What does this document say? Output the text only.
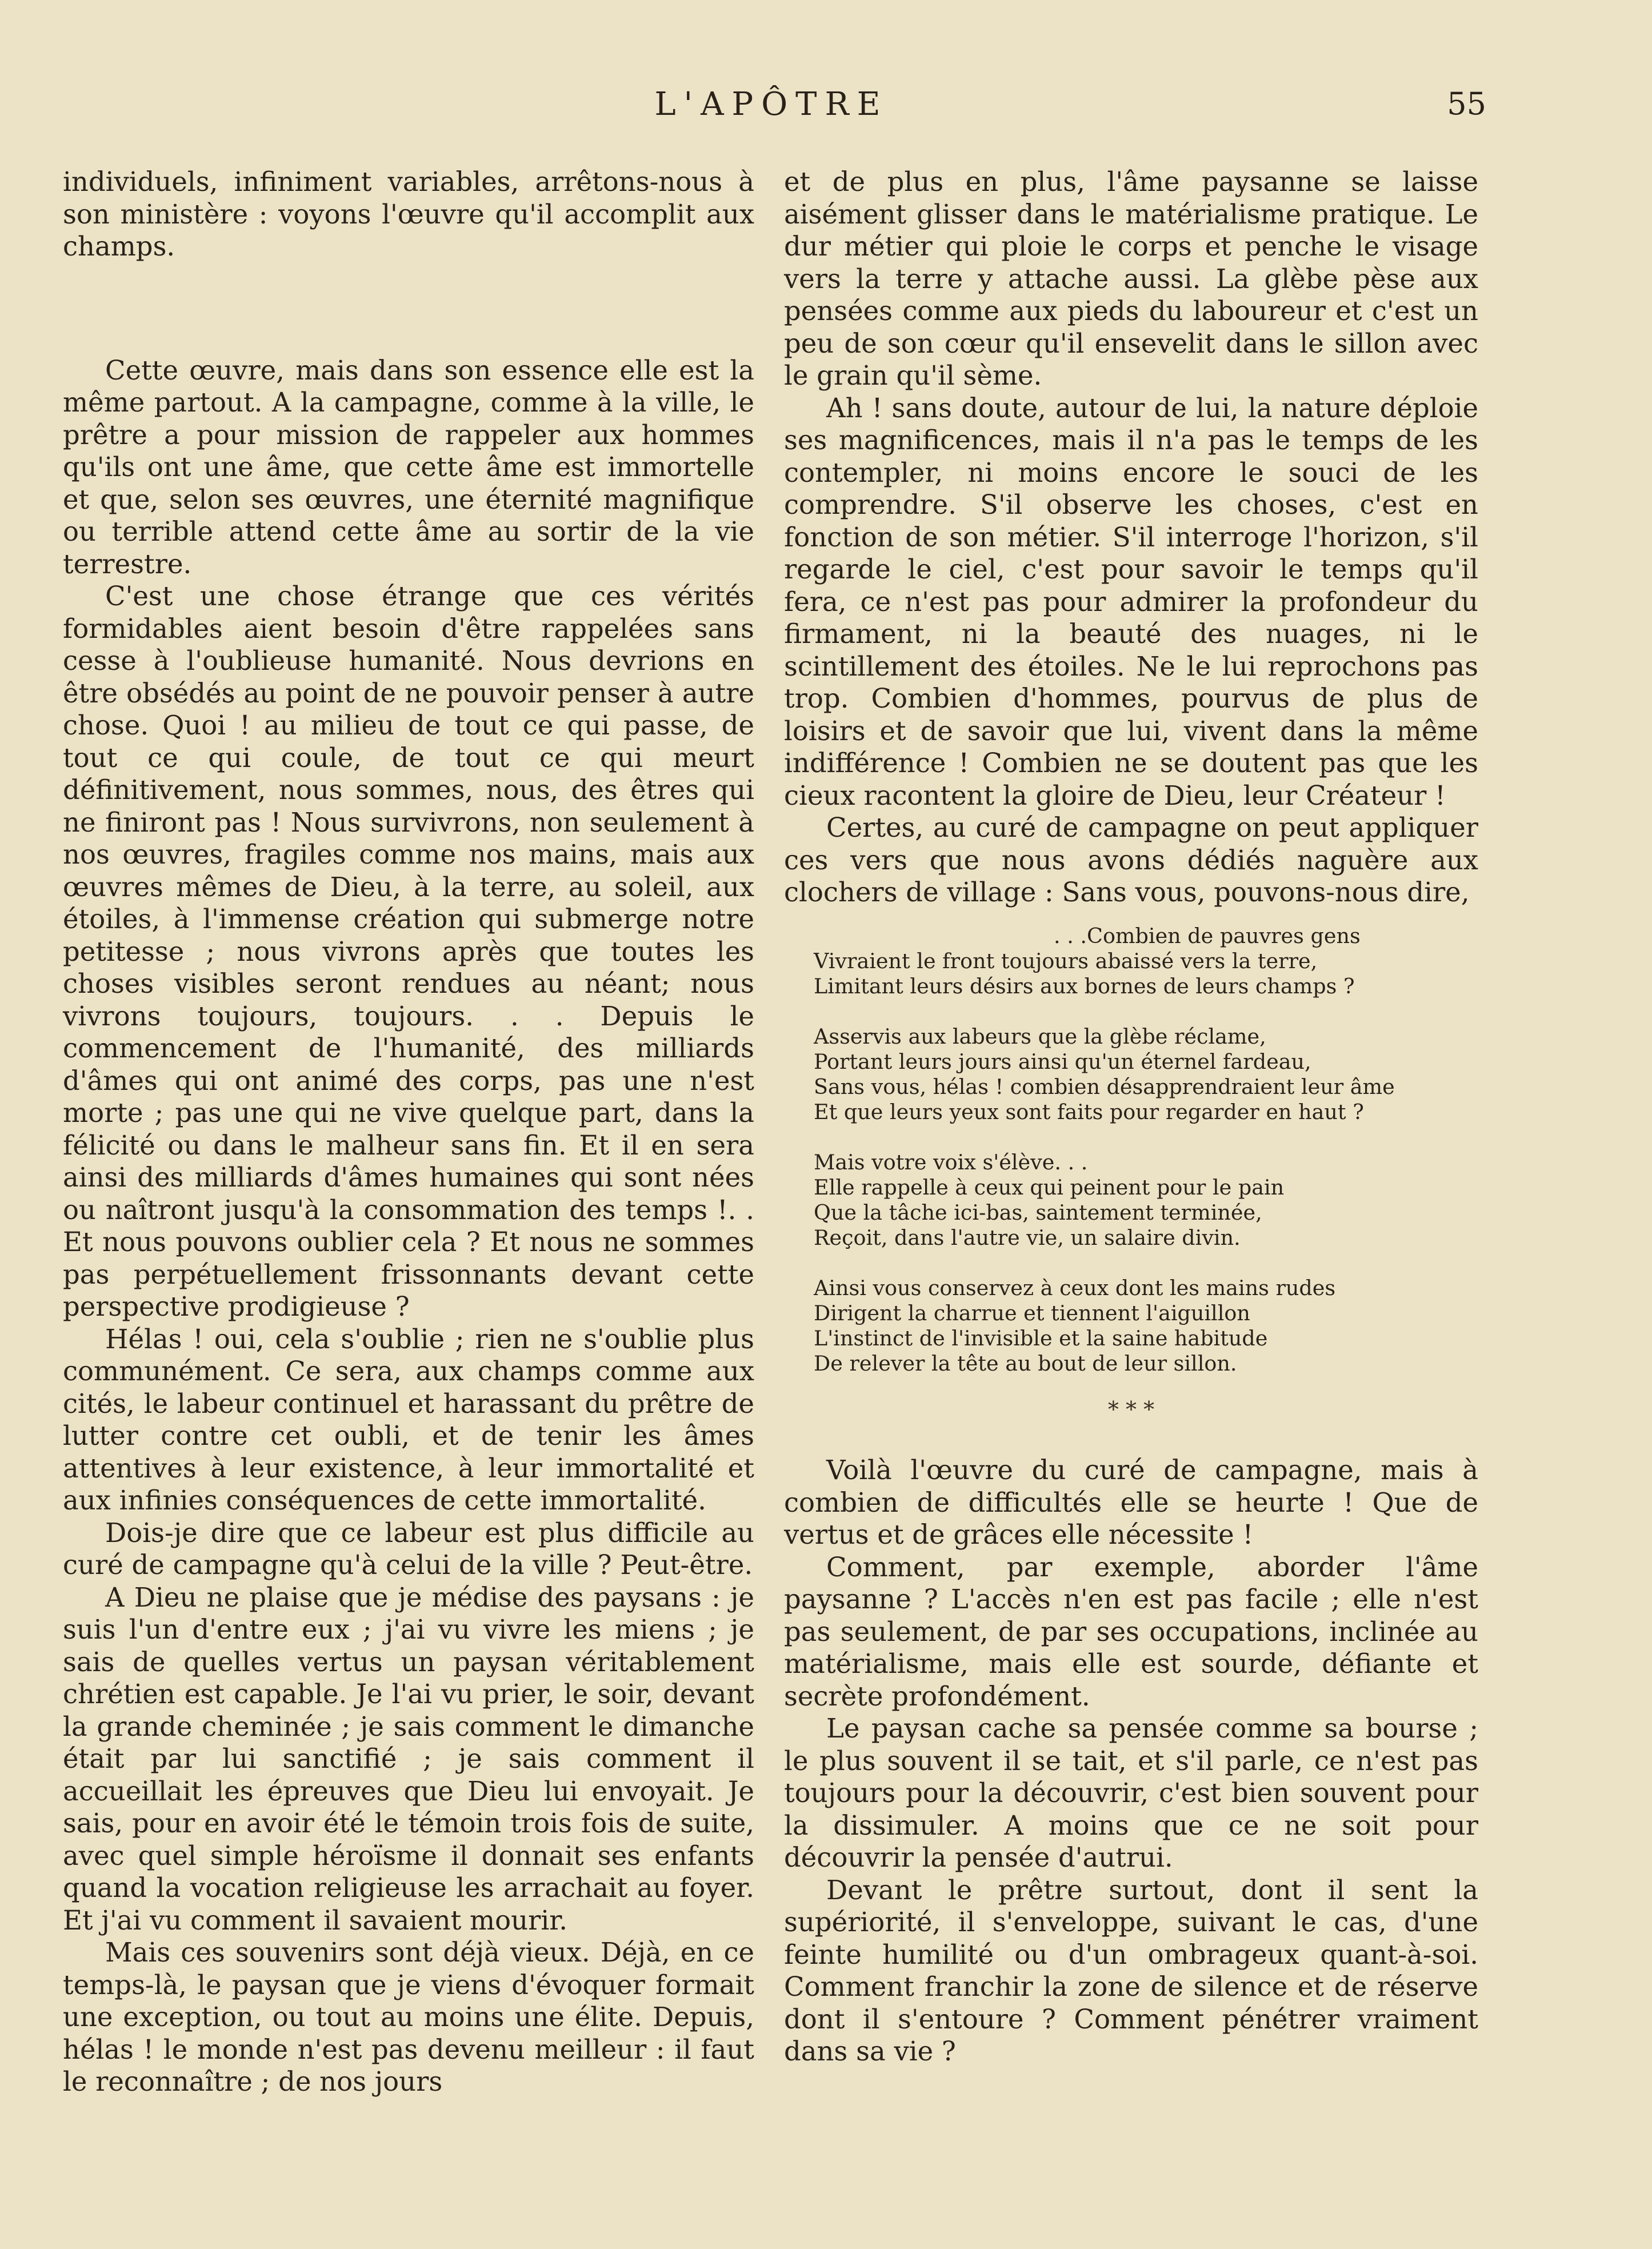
L'APÔTRE	55

individuels, infiniment variables, arrêtons-nous à son ministère : voyons l'œuvre qu'il accomplit aux champs.

Cette œuvre, mais dans son essence elle est la même partout. A la campagne, comme à la ville, le prêtre a pour mission de rappeler aux hommes qu'ils ont une âme, que cette âme est immortelle et que, selon ses œuvres, une éternité magnifique ou terrible attend cette âme au sortir de la vie terrestre.

C'est une chose étrange que ces vérités formidables aient besoin d'être rappelées sans cesse à l'oublieuse humanité. Nous devrions en être obsédés au point de ne pouvoir penser à autre chose. Quoi ! au milieu de tout ce qui passe, de tout ce qui coule, de tout ce qui meurt définitivement, nous sommes, nous, des êtres qui ne finiront pas ! Nous survivrons, non seulement à nos œuvres, fragiles comme nos mains, mais aux œuvres mêmes de Dieu, à la terre, au soleil, aux étoiles, à l'immense création qui submerge notre petitesse ; nous vivrons après que toutes les choses visibles seront rendues au néant; nous vivrons toujours, toujours. . . Depuis le commencement de l'humanité, des milliards d'âmes qui ont animé des corps, pas une n'est morte ; pas une qui ne vive quelque part, dans la félicité ou dans le malheur sans fin. Et il en sera ainsi des milliards d'âmes humaines qui sont nées ou naîtront jusqu'à la consommation des temps !. . Et nous pouvons oublier cela ? Et nous ne sommes pas perpétuellement frissonnants devant cette perspective prodigieuse ?

Hélas ! oui, cela s'oublie ; rien ne s'oublie plus communément. Ce sera, aux champs comme aux cités, le labeur continuel et harassant du prêtre de lutter contre cet oubli, et de tenir les âmes attentives à leur existence, à leur immortalité et aux infinies conséquences de cette immortalité.

Dois-je dire que ce labeur est plus difficile au curé de campagne qu'à celui de la ville ? Peut-être.

A Dieu ne plaise que je médise des paysans : je suis l'un d'entre eux ; j'ai vu vivre les miens ; je sais de quelles vertus un paysan véritablement chrétien est capable. Je l'ai vu prier, le soir, devant la grande cheminée ; je sais comment le dimanche était par lui sanctifié ; je sais comment il accueillait les épreuves que Dieu lui envoyait. Je sais, pour en avoir été le témoin trois fois de suite, avec quel simple héroïsme il donnait ses enfants quand la vocation religieuse les arrachait au foyer. Et j'ai vu comment il savaient mourir.

Mais ces souvenirs sont déjà vieux. Déjà, en ce temps-là, le paysan que je viens d'évoquer formait une exception, ou tout au moins une élite. Depuis, hélas ! le monde n'est pas devenu meilleur : il faut le reconnaître ; de nos jours

et de plus en plus, l'âme paysanne se laisse aisément glisser dans le matérialisme pratique. Le dur métier qui ploie le corps et penche le visage vers la terre y attache aussi. La glèbe pèse aux pensées comme aux pieds du laboureur et c'est un peu de son cœur qu'il ensevelit dans le sillon avec le grain qu'il sème.

Ah ! sans doute, autour de lui, la nature déploie ses magnificences, mais il n'a pas le temps de les contempler, ni moins encore le souci de les comprendre. S'il observe les choses, c'est en fonction de son métier. S'il interroge l'horizon, s'il regarde le ciel, c'est pour savoir le temps qu'il fera, ce n'est pas pour admirer la profondeur du firmament, ni la beauté des nuages, ni le scintillement des étoiles. Ne le lui reprochons pas trop. Combien d'hommes, pourvus de plus de loisirs et de savoir que lui, vivent dans la même indifférence ! Combien ne se doutent pas que les cieux racontent la gloire de Dieu, leur Créateur !

Certes, au curé de campagne on peut appliquer ces vers que nous avons dédiés naguère aux clochers de village : Sans vous, pouvons-nous dire,

. . .Combien de pauvres gens
Vivraient le front toujours abaissé vers la terre,
Limitant leurs désirs aux bornes de leurs champs ?
Asservis aux labeurs que la glèbe réclame,
Portant leurs jours ainsi qu'un éternel fardeau,
Sans vous, hélas ! combien désapprendraient leur âme
Et que leurs yeux sont faits pour regarder en haut ?
Mais votre voix s'élève. . .
Elle rappelle à ceux qui peinent pour le pain
Que la tâche ici-bas, saintement terminée,
Reçoit, dans l'autre vie, un salaire divin.
Ainsi vous conservez à ceux dont les mains rudes
Dirigent la charrue et tiennent l'aiguillon
L'instinct de l'invisible et la saine habitude
De relever la tête au bout de leur sillon.
* * *

Voilà l'œuvre du curé de campagne, mais à combien de difficultés elle se heurte ! Que de vertus et de grâces elle nécessite !

Comment, par exemple, aborder l'âme paysanne ? L'accès n'en est pas facile ; elle n'est pas seulement, de par ses occupations, inclinée au matérialisme, mais elle est sourde, défiante et secrète profondément.

Le paysan cache sa pensée comme sa bourse ; le plus souvent il se tait, et s'il parle, ce n'est pas toujours pour la découvrir, c'est bien souvent pour la dissimuler. A moins que ce ne soit pour découvrir la pensée d'autrui.

Devant le prêtre surtout, dont il sent la supériorité, il s'enveloppe, suivant le cas, d'une feinte humilité ou d'un ombrageux quant-à-soi. Comment franchir la zone de silence et de réserve dont il s'entoure ? Comment pénétrer vraiment dans sa vie ?
